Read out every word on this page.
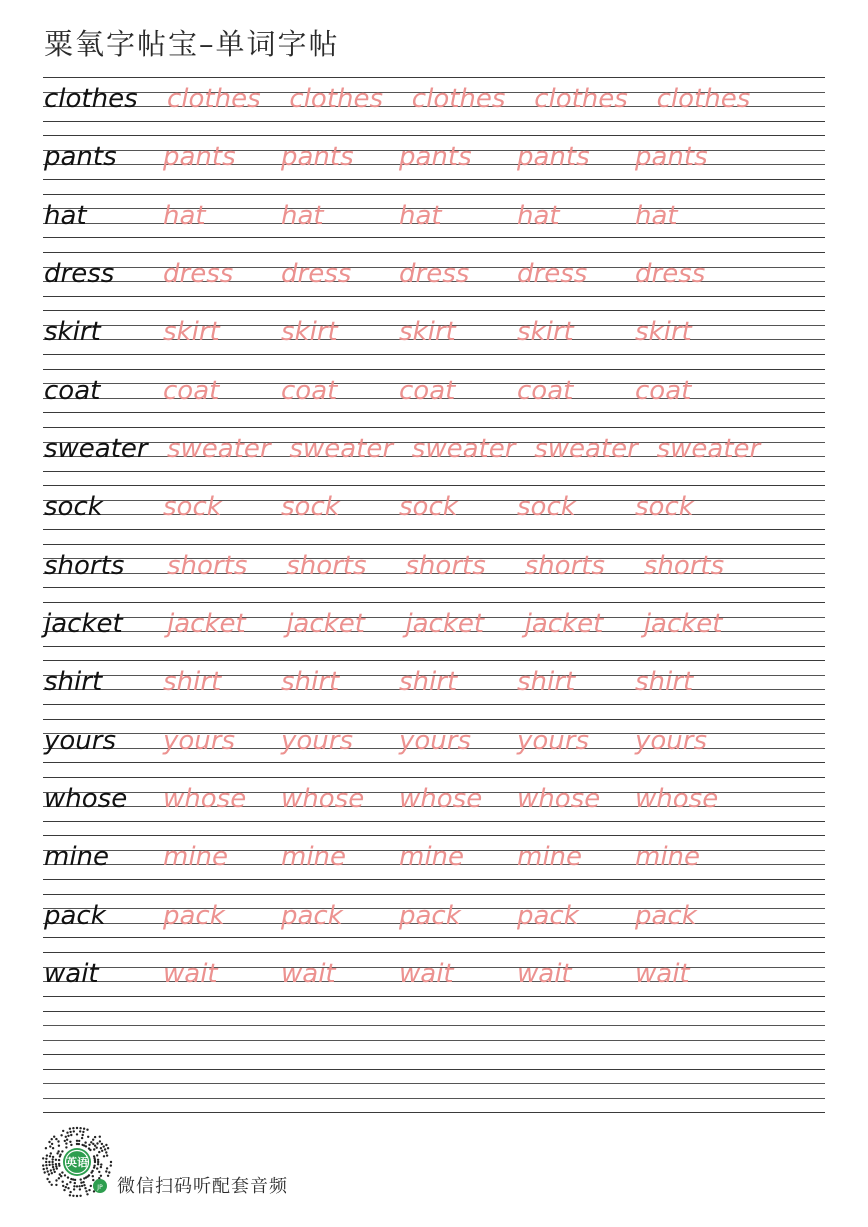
粟氧字帖宝–单词字帖
clothes clothes clothes clothes clothes clothes
pants pants pants pants pants pants
hat	hat	hat	hat	hat	hat
dress dress dress dress dress dress
skirt skirt skirt skirt skirt skirt
coat coat coat coat coat coat
sweater sweater sweater sweater sweater sweater
sock sock sock sock sock sock
shorts shorts shorts shorts shorts shorts
jacket jacket jacket jacket jacket jacket
shirt shirt shirt shirt shirt shirt
yours yours yours yours yours yours
whose whose whose whose whose whose
mine mine mine mine mine mine
pack pack pack pack pack pack
wait wait wait wait wait wait
英语
JP 微信扫码听配套音频
